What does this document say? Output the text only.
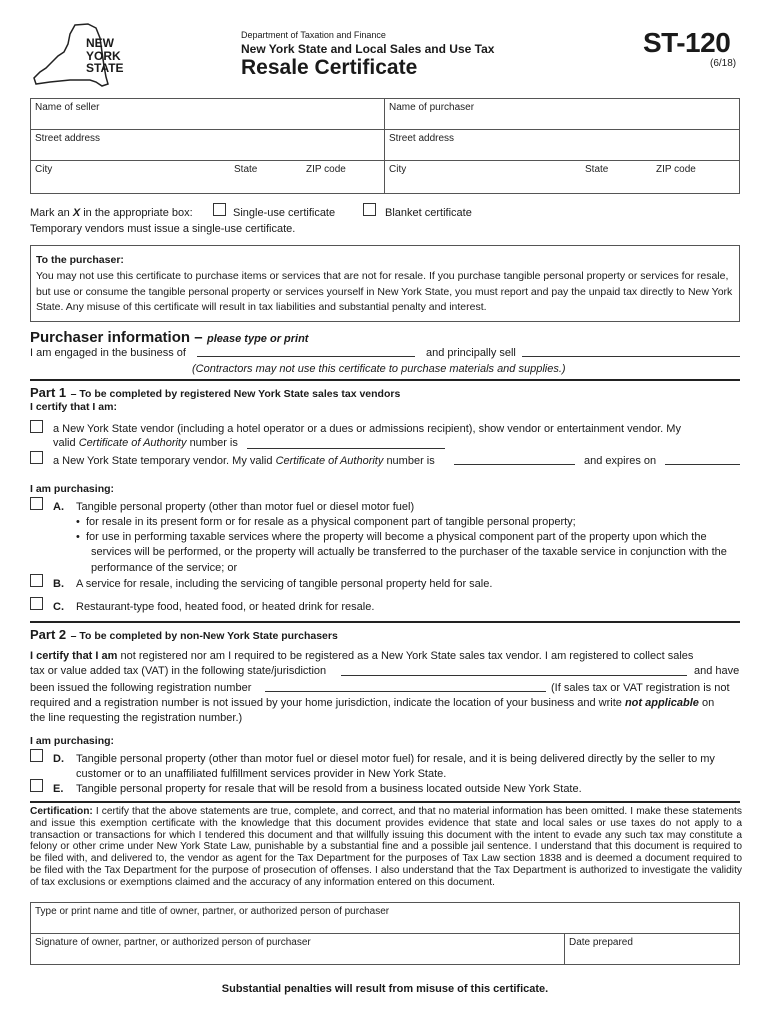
NEW
YORK
STATE
Department of Taxation and Finance
New York State and Local Sales and Use Tax
Resale Certificate
ST-120
(6/18)
Name of seller
Street address
City	State	ZIP code
Name of purchaser
Street address
City	State	ZIP code
Mark an X in the appropriate box:	Single-use certificate	Blanket certificate
Temporary vendors must issue a single-use certificate.
To the purchaser:
You may not use this certificate to purchase items or services that are not for resale. If you purchase tangible personal property or services for resale, but use or consume the tangible personal property or services yourself in New York State, you must report and pay the unpaid tax directly to New York State. Any misuse of this certificate will result in tax liabilities and substantial penalty and interest.
Purchaser information – please type or print
I am engaged in the business of	and principally sell
(Contractors may not use this certificate to purchase materials and supplies.)
Part 1 – To be completed by registered New York State sales tax vendors
I certify that I am:
a New York State vendor (including a hotel operator or a dues or admissions recipient), show vendor or entertainment vendor. My
valid Certificate of Authority number is
a New York State temporary vendor. My valid Certificate of Authority number is	and expires on
I am purchasing:
A. Tangible personal property (other than motor fuel or diesel motor fuel)
•  for resale in its present form or for resale as a physical component part of tangible personal property;
•  for use in performing taxable services where the property will become a physical component part of the property upon which the
services will be performed, or the property will actually be transferred to the purchaser of the taxable service in conjunction with the
performance of the service; or
B. A service for resale, including the servicing of tangible personal property held for sale.
C. Restaurant-type food, heated food, or heated drink for resale.
Part 2 – To be completed by non-New York State purchasers
I certify that I am not registered nor am I required to be registered as a New York State sales tax vendor. I am registered to collect sales
tax or value added tax (VAT) in the following state/jurisdiction	and have
been issued the following registration number	(If sales tax or VAT registration is not
required and a registration number is not issued by your home jurisdiction, indicate the location of your business and write not applicable on
the line requesting the registration number.)
I am purchasing:
D. Tangible personal property (other than motor fuel or diesel motor fuel) for resale, and it is being delivered directly by the seller to my
customer or to an unaffiliated fulfillment services provider in New York State.
E. Tangible personal property for resale that will be resold from a business located outside New York State.
Certification: I certify that the above statements are true, complete, and correct, and that no material information has been omitted. I make these statements and issue this exemption certificate with the knowledge that this document provides evidence that state and local sales or use taxes do not apply to a transaction or transactions for which I tendered this document and that willfully issuing this document with the intent to evade any such tax may constitute a felony or other crime under New York State Law, punishable by a substantial fine and a possible jail sentence. I understand that this document is required to be filed with, and delivered to, the vendor as agent for the Tax Department for the purposes of Tax Law section 1838 and is deemed a document required to be filed with the Tax Department for the purpose of prosecution of offenses. I also understand that the Tax Department is authorized to investigate the validity of tax exclusions or exemptions claimed and the accuracy of any information entered on this document.
Type or print name and title of owner, partner, or authorized person of purchaser
Signature of owner, partner, or authorized person of purchaser	Date prepared
Substantial penalties will result from misuse of this certificate.
